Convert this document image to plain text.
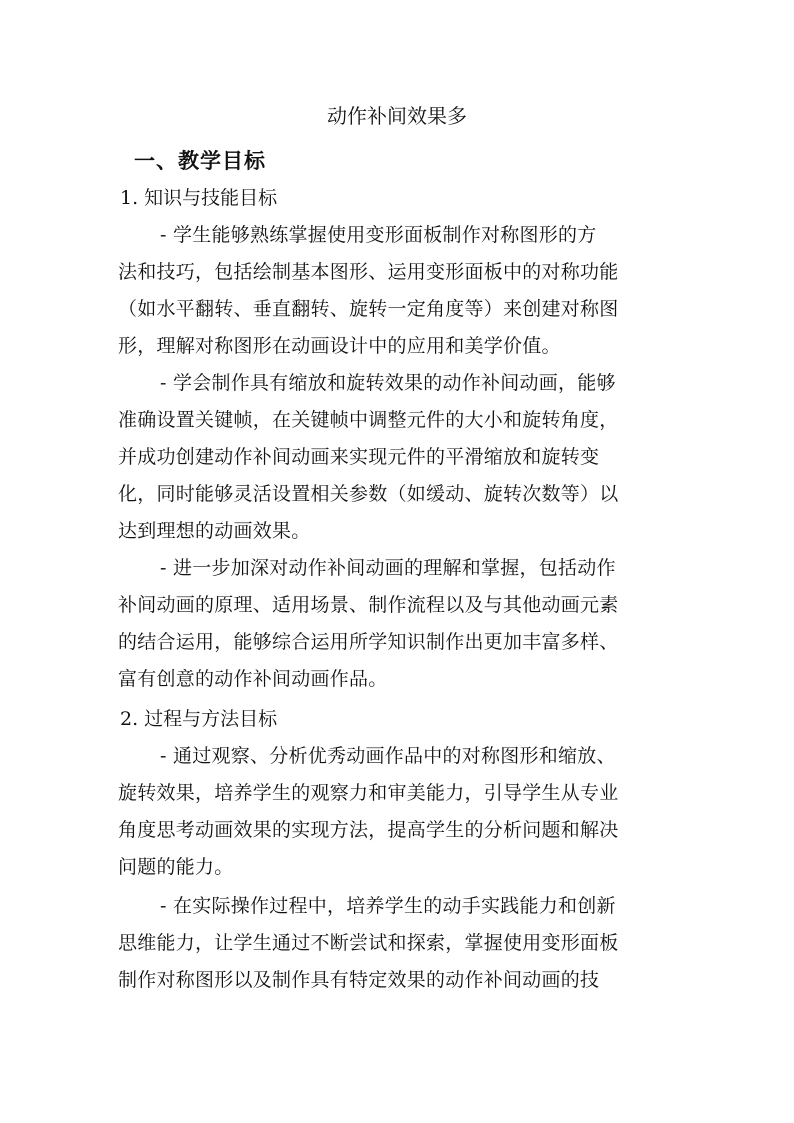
动作补间效果多
一、教学目标
1. 知识与技能目标
- 学生能够熟练掌握使用变形面板制作对称图形的方
法和技巧，包括绘制基本图形、运用变形面板中的对称功能
（如水平翻转、垂直翻转、旋转一定角度等）来创建对称图
形，理解对称图形在动画设计中的应用和美学价值。
- 学会制作具有缩放和旋转效果的动作补间动画，能够
准确设置关键帧，在关键帧中调整元件的大小和旋转角度，
并成功创建动作补间动画来实现元件的平滑缩放和旋转变
化，同时能够灵活设置相关参数（如缓动、旋转次数等）以
达到理想的动画效果。
- 进一步加深对动作补间动画的理解和掌握，包括动作
补间动画的原理、适用场景、制作流程以及与其他动画元素
的结合运用，能够综合运用所学知识制作出更加丰富多样、
富有创意的动作补间动画作品。
2. 过程与方法目标
- 通过观察、分析优秀动画作品中的对称图形和缩放、
旋转效果，培养学生的观察力和审美能力，引导学生从专业
角度思考动画效果的实现方法，提高学生的分析问题和解决
问题的能力。
- 在实际操作过程中，培养学生的动手实践能力和创新
思维能力，让学生通过不断尝试和探索，掌握使用变形面板
制作对称图形以及制作具有特定效果的动作补间动画的技
